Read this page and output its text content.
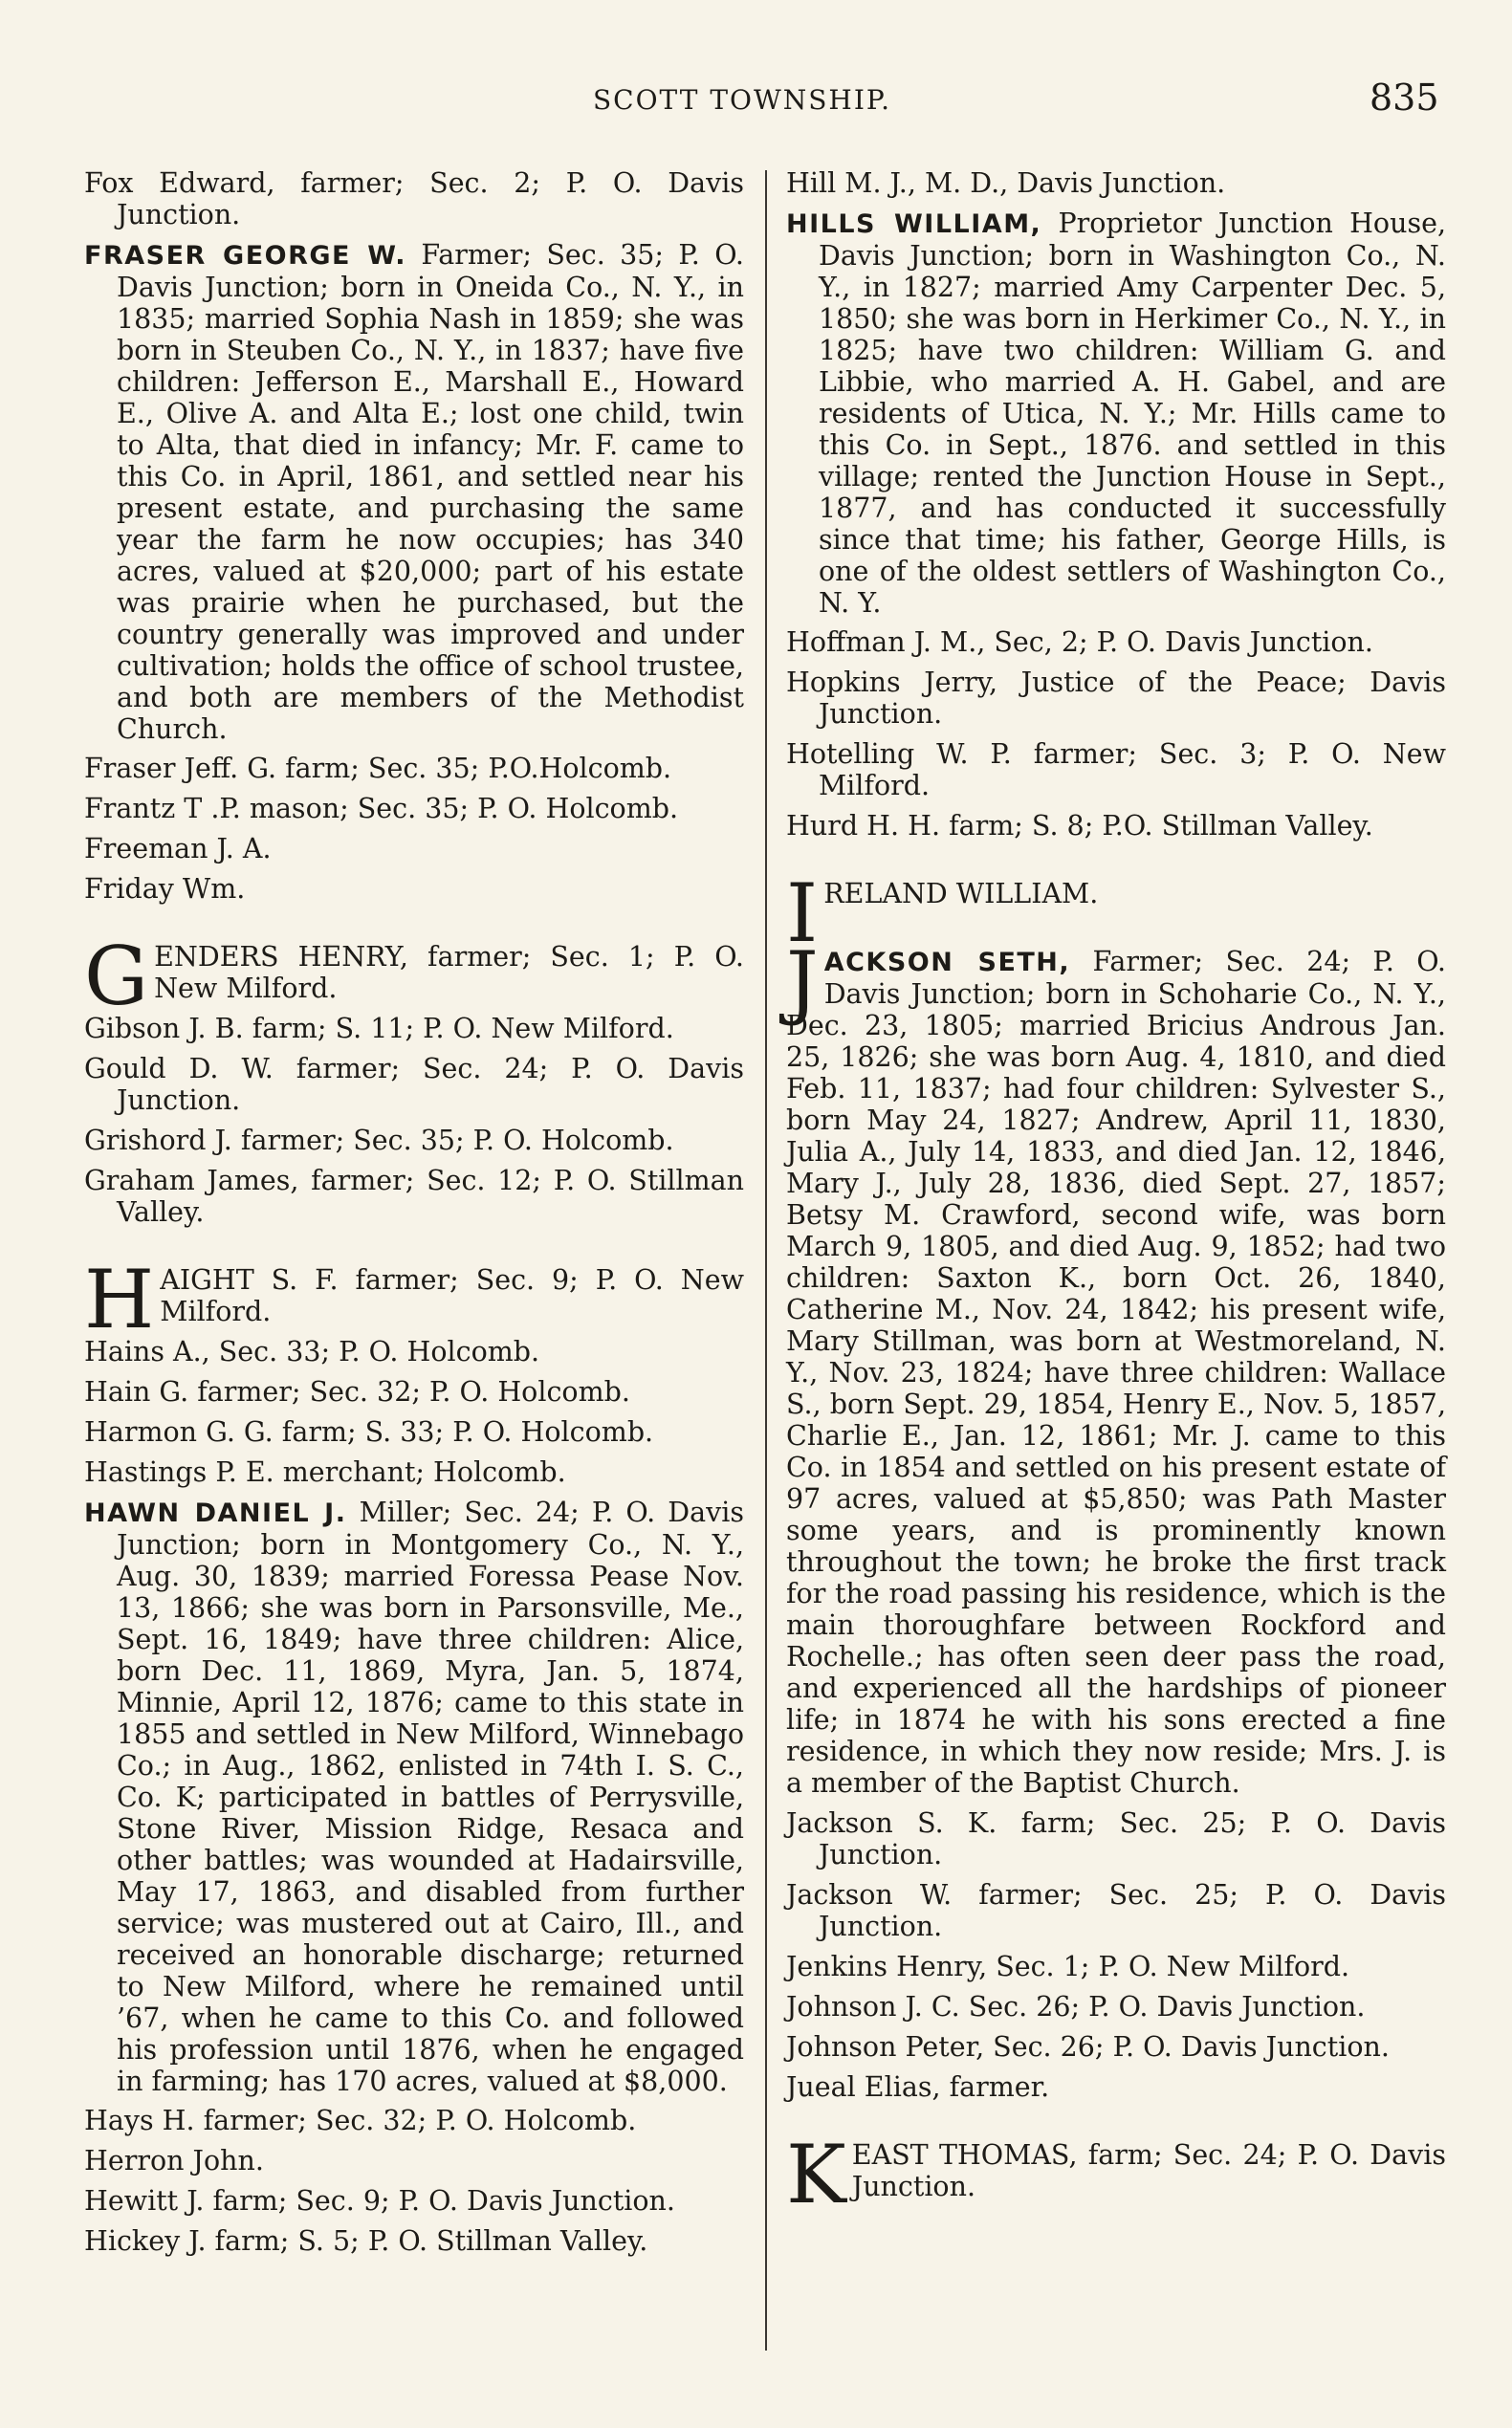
SCOTT TOWNSHIP.	835

Fox Edward, farmer; Sec. 2; P. O. Davis Junction.

FRASER GEORGE W. Farmer; Sec. 35; P. O. Davis Junction; born in Oneida Co., N. Y., in 1835; married Sophia Nash in 1859; she was born in Steuben Co., N. Y., in 1837; have five children: Jefferson E., Marshall E., Howard E., Olive A. and Alta E.; lost one child, twin to Alta, that died in infancy; Mr. F. came to this Co. in April, 1861, and settled near his present estate, and purchasing the same year the farm he now occupies; has 340 acres, valued at $20,000; part of his estate was prairie when he purchased, but the country generally was improved and under cultivation; holds the office of school trustee, and both are members of the Methodist Church.

Fraser Jeff. G. farm; Sec. 35; P.O.Holcomb.

Frantz T .P. mason; Sec. 35; P. O. Holcomb.

Freeman J. A.

Friday Wm.

GENDERS HENRY, farmer; Sec. 1; P. O. New Milford.

Gibson J. B. farm; S. 11; P. O. New Milford.

Gould D. W. farmer; Sec. 24; P. O. Davis Junction.

Grishord J. farmer; Sec. 35; P. O. Holcomb.

Graham James, farmer; Sec. 12; P. O. Stillman Valley.

HAIGHT S. F. farmer; Sec. 9; P. O. New Milford.

Hains A., Sec. 33; P. O. Holcomb.

Hain G. farmer; Sec. 32; P. O. Holcomb.

Harmon G. G. farm; S. 33; P. O. Holcomb.

Hastings P. E. merchant; Holcomb.

HAWN DANIEL J. Miller; Sec. 24; P. O. Davis Junction; born in Montgomery Co., N. Y., Aug. 30, 1839; married Foressa Pease Nov. 13, 1866; she was born in Parsonsville, Me., Sept. 16, 1849; have three children: Alice, born Dec. 11, 1869, Myra, Jan. 5, 1874, Minnie, April 12, 1876; came to this state in 1855 and settled in New Milford, Winnebago Co.; in Aug., 1862, enlisted in 74th I. S. C., Co. K; participated in battles of Perrysville, Stone River, Mission Ridge, Resaca and other battles; was wounded at Hadairsville, May 17, 1863, and disabled from further service; was mustered out at Cairo, Ill., and received an honorable discharge; returned to New Milford, where he remained until ’67, when he came to this Co. and followed his profession until 1876, when he engaged in farming; has 170 acres, valued at $8,000.

Hays H. farmer; Sec. 32; P. O. Holcomb.

Herron John.

Hewitt J. farm; Sec. 9; P. O. Davis Junction.

Hickey J. farm; S. 5; P. O. Stillman Valley.

Hill M. J., M. D., Davis Junction.

HILLS WILLIAM, Proprietor Junction House, Davis Junction; born in Washington Co., N. Y., in 1827; married Amy Carpenter Dec. 5, 1850; she was born in Herkimer Co., N. Y., in 1825; have two children: William G. and Libbie, who married A. H. Gabel, and are residents of Utica, N. Y.; Mr. Hills came to this Co. in Sept., 1876. and settled in this village; rented the Junction House in Sept., 1877, and has conducted it successfully since that time; his father, George Hills, is one of the oldest settlers of Washington Co., N. Y.

Hoffman J. M., Sec, 2; P. O. Davis Junction.

Hopkins Jerry, Justice of the Peace; Davis Junction.

Hotelling W. P. farmer; Sec. 3; P. O. New Milford.

Hurd H. H. farm; S. 8; P.O. Stillman Valley.

IRELAND WILLIAM.

JACKSON SETH, Farmer; Sec. 24; P. O. Davis Junction; born in Schoharie Co., N. Y., Dec. 23, 1805; married Bricius Androus Jan. 25, 1826; she was born Aug. 4, 1810, and died Feb. 11, 1837; had four children: Sylvester S., born May 24, 1827; Andrew, April 11, 1830, Julia A., July 14, 1833, and died Jan. 12, 1846, Mary J., July 28, 1836, died Sept. 27, 1857; Betsy M. Crawford, second wife, was born March 9, 1805, and died Aug. 9, 1852; had two children: Saxton K., born Oct. 26, 1840, Catherine M., Nov. 24, 1842; his present wife, Mary Stillman, was born at Westmoreland, N. Y., Nov. 23, 1824; have three children: Wallace S., born Sept. 29, 1854, Henry E., Nov. 5, 1857, Charlie E., Jan. 12, 1861; Mr. J. came to this Co. in 1854 and settled on his present estate of 97 acres, valued at $5,850; was Path Master some years, and is prominently known throughout the town; he broke the first track for the road passing his residence, which is the main thoroughfare between Rockford and Rochelle.; has often seen deer pass the road, and experienced all the hardships of pioneer life; in 1874 he with his sons erected a fine residence, in which they now reside; Mrs. J. is a member of the Baptist Church.

Jackson S. K. farm; Sec. 25; P. O. Davis Junction.

Jackson W. farmer; Sec. 25; P. O. Davis Junction.

Jenkins Henry, Sec. 1; P. O. New Milford.

Johnson J. C. Sec. 26; P. O. Davis Junction.

Johnson Peter, Sec. 26; P. O. Davis Junction.

Jueal Elias, farmer.

KEAST THOMAS, farm; Sec. 24; P. O. Davis Junction.
